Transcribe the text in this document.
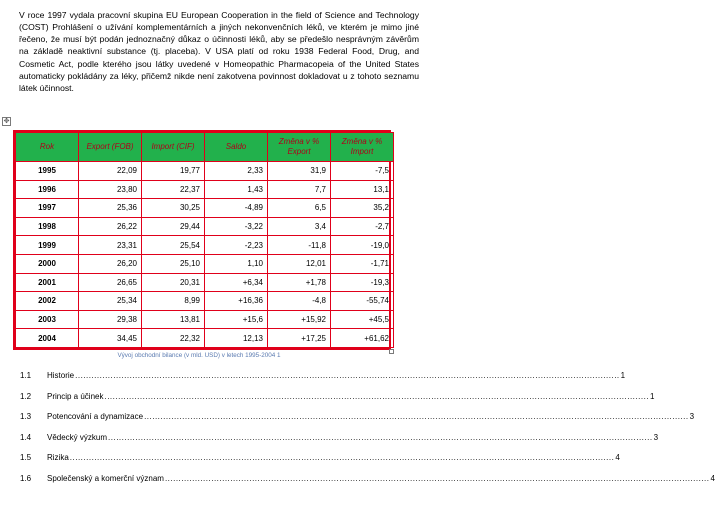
V roce 1997 vydala pracovní skupina EU European Cooperation in the field of Science and Technology (COST) Prohlášení o užívání komplementárních a jiných nekonvenčních léků, ve kterém je mimo jiné řečeno, že musí být podán jednoznačný důkaz o účinnosti léků, aby se předešlo nesprávným závěrům na základě neaktivní substance (tj. placeba). V USA platí od roku 1938 Federal Food, Drug, and Cosmetic Act, podle kterého jsou látky uvedené v Homeopathic Pharmacopeia of the United States automaticky pokládány za léky, přičemž nikde není zakotvena povinnost dokladovat u z tohoto seznamu látek účinnost.

✥
Rok	Export (FOB)	Import (CIF)	Saldo	Změna v % Export	Změna v % Import
1995	22,09	19,77	2,33	31,9	-7,5
1996	23,80	22,37	1,43	7,7	13,1
1997	25,36	30,25	-4,89	6,5	35,2
1998	26,22	29,44	-3,22	3,4	-2,7
1999	23,31	25,54	-2,23	-11,8	-19,0
2000	26,20	25,10	1,10	12,01	-1,71
2001	26,65	20,31	+6,34	+1,78	-19,3
2002	25,34	8,99	+16,36	-4,8	-55,74
2003	29,38	13,81	+15,6	+15,92	+45,5
2004	34,45	22,32	12,13	+17,25	+61,62
Vývoj obchodní bilance (v mld. USD) v letech 1995-2004 1
1.1	Historie ........................................................................................................................................................................................................ 1
1.2	Princip a účinek ........................................................................................................................................................................................................ 1
1.3	Potencování a dynamizace ........................................................................................................................................................................................................ 3
1.4	Vědecký výzkum ........................................................................................................................................................................................................ 3
1.5	Rizika ........................................................................................................................................................................................................ 4
1.6	Společenský a komerční význam ........................................................................................................................................................................................................ 4
